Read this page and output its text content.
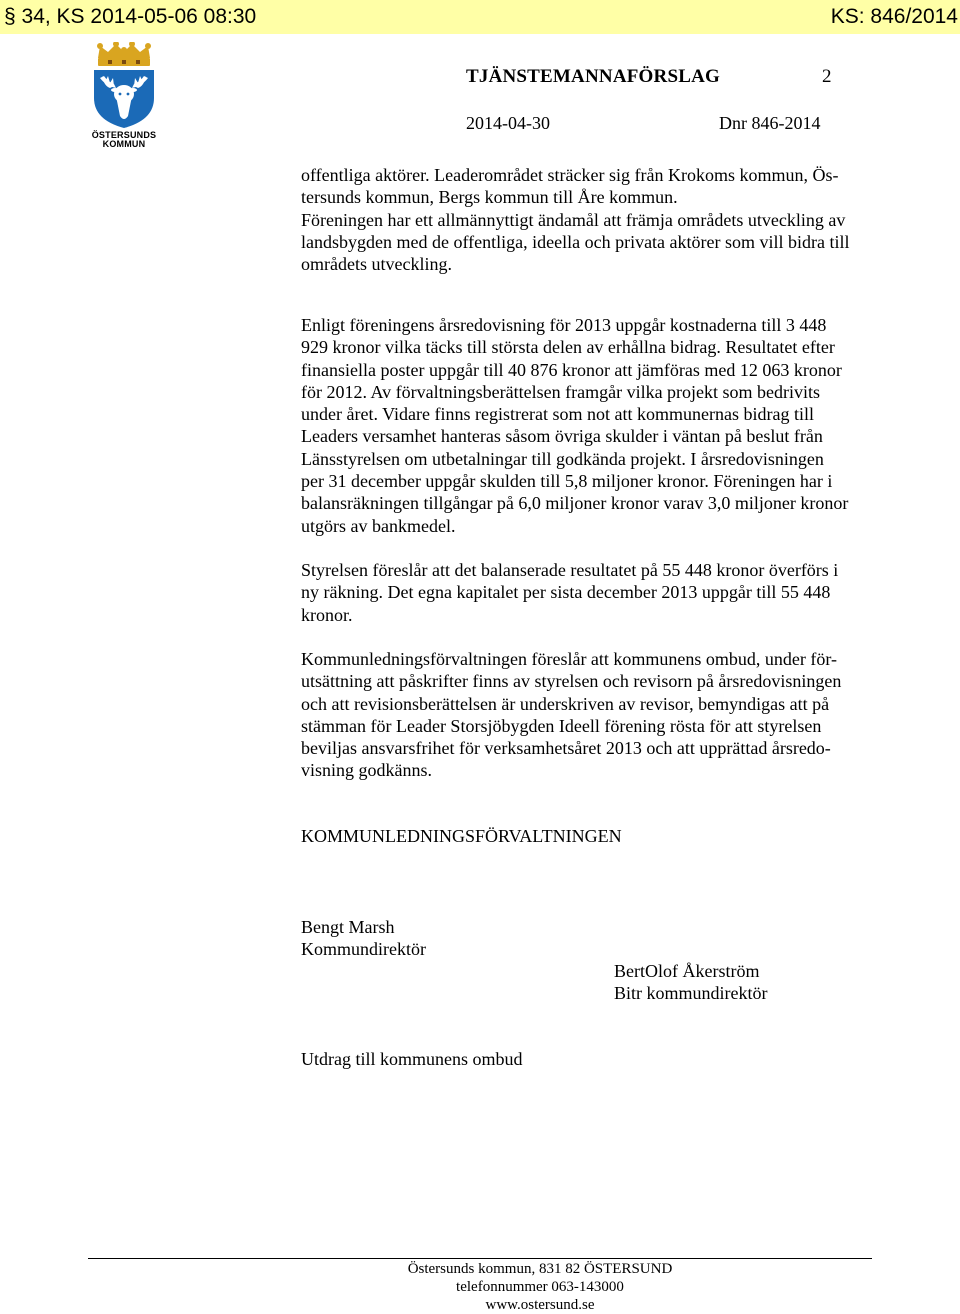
§ 34, KS 2014-05-06 08:30	KS: 846/2014
ÖSTERSUNDS
KOMMUN
TJÄNSTEMANNAFÖRSLAG	2
2014-04-30	Dnr 846-2014
offentliga aktörer. Leaderområdet sträcker sig från Krokoms kommun, Ös-
tersunds kommun, Bergs kommun till Åre kommun.
Föreningen har ett allmännyttigt ändamål att främja områdets utveckling av
landsbygden med de offentliga, ideella och privata aktörer som vill bidra till
områdets utveckling.
Enligt föreningens årsredovisning för 2013 uppgår kostnaderna till 3 448
929 kronor vilka täcks till största delen av erhållna bidrag. Resultatet efter
finansiella poster uppgår till 40 876 kronor att jämföras med 12 063 kronor
för 2012. Av förvaltningsberättelsen framgår vilka projekt som bedrivits
under året. Vidare finns registrerat som not att kommunernas bidrag till
Leaders versamhet hanteras såsom övriga skulder i väntan på beslut från
Länsstyrelsen om utbetalningar till godkända projekt. I årsredovisningen
per 31 december uppgår skulden till 5,8 miljoner kronor. Föreningen har i
balansräkningen tillgångar på 6,0 miljoner kronor varav 3,0 miljoner kronor
utgörs av bankmedel.
Styrelsen föreslår att det balanserade resultatet på 55 448 kronor överförs i
ny räkning. Det egna kapitalet per sista december 2013 uppgår till 55 448
kronor.
Kommunledningsförvaltningen föreslår att kommunens ombud, under för-
utsättning att påskrifter finns av styrelsen och revisorn på årsredovisningen
och att revisionsberättelsen är underskriven av revisor, bemyndigas att på
stämman för Leader Storsjöbygden Ideell förening rösta för att styrelsen
beviljas ansvarsfrihet för verksamhetsåret 2013 och att upprättad årsredo-
visning godkänns.
KOMMUNLEDNINGSFÖRVALTNINGEN
Bengt Marsh
Kommundirektör
BertOlof Åkerström
Bitr kommundirektör
Utdrag till kommunens ombud
Östersunds kommun, 831 82 ÖSTERSUND
telefonnummer 063-143000
www.ostersund.se
